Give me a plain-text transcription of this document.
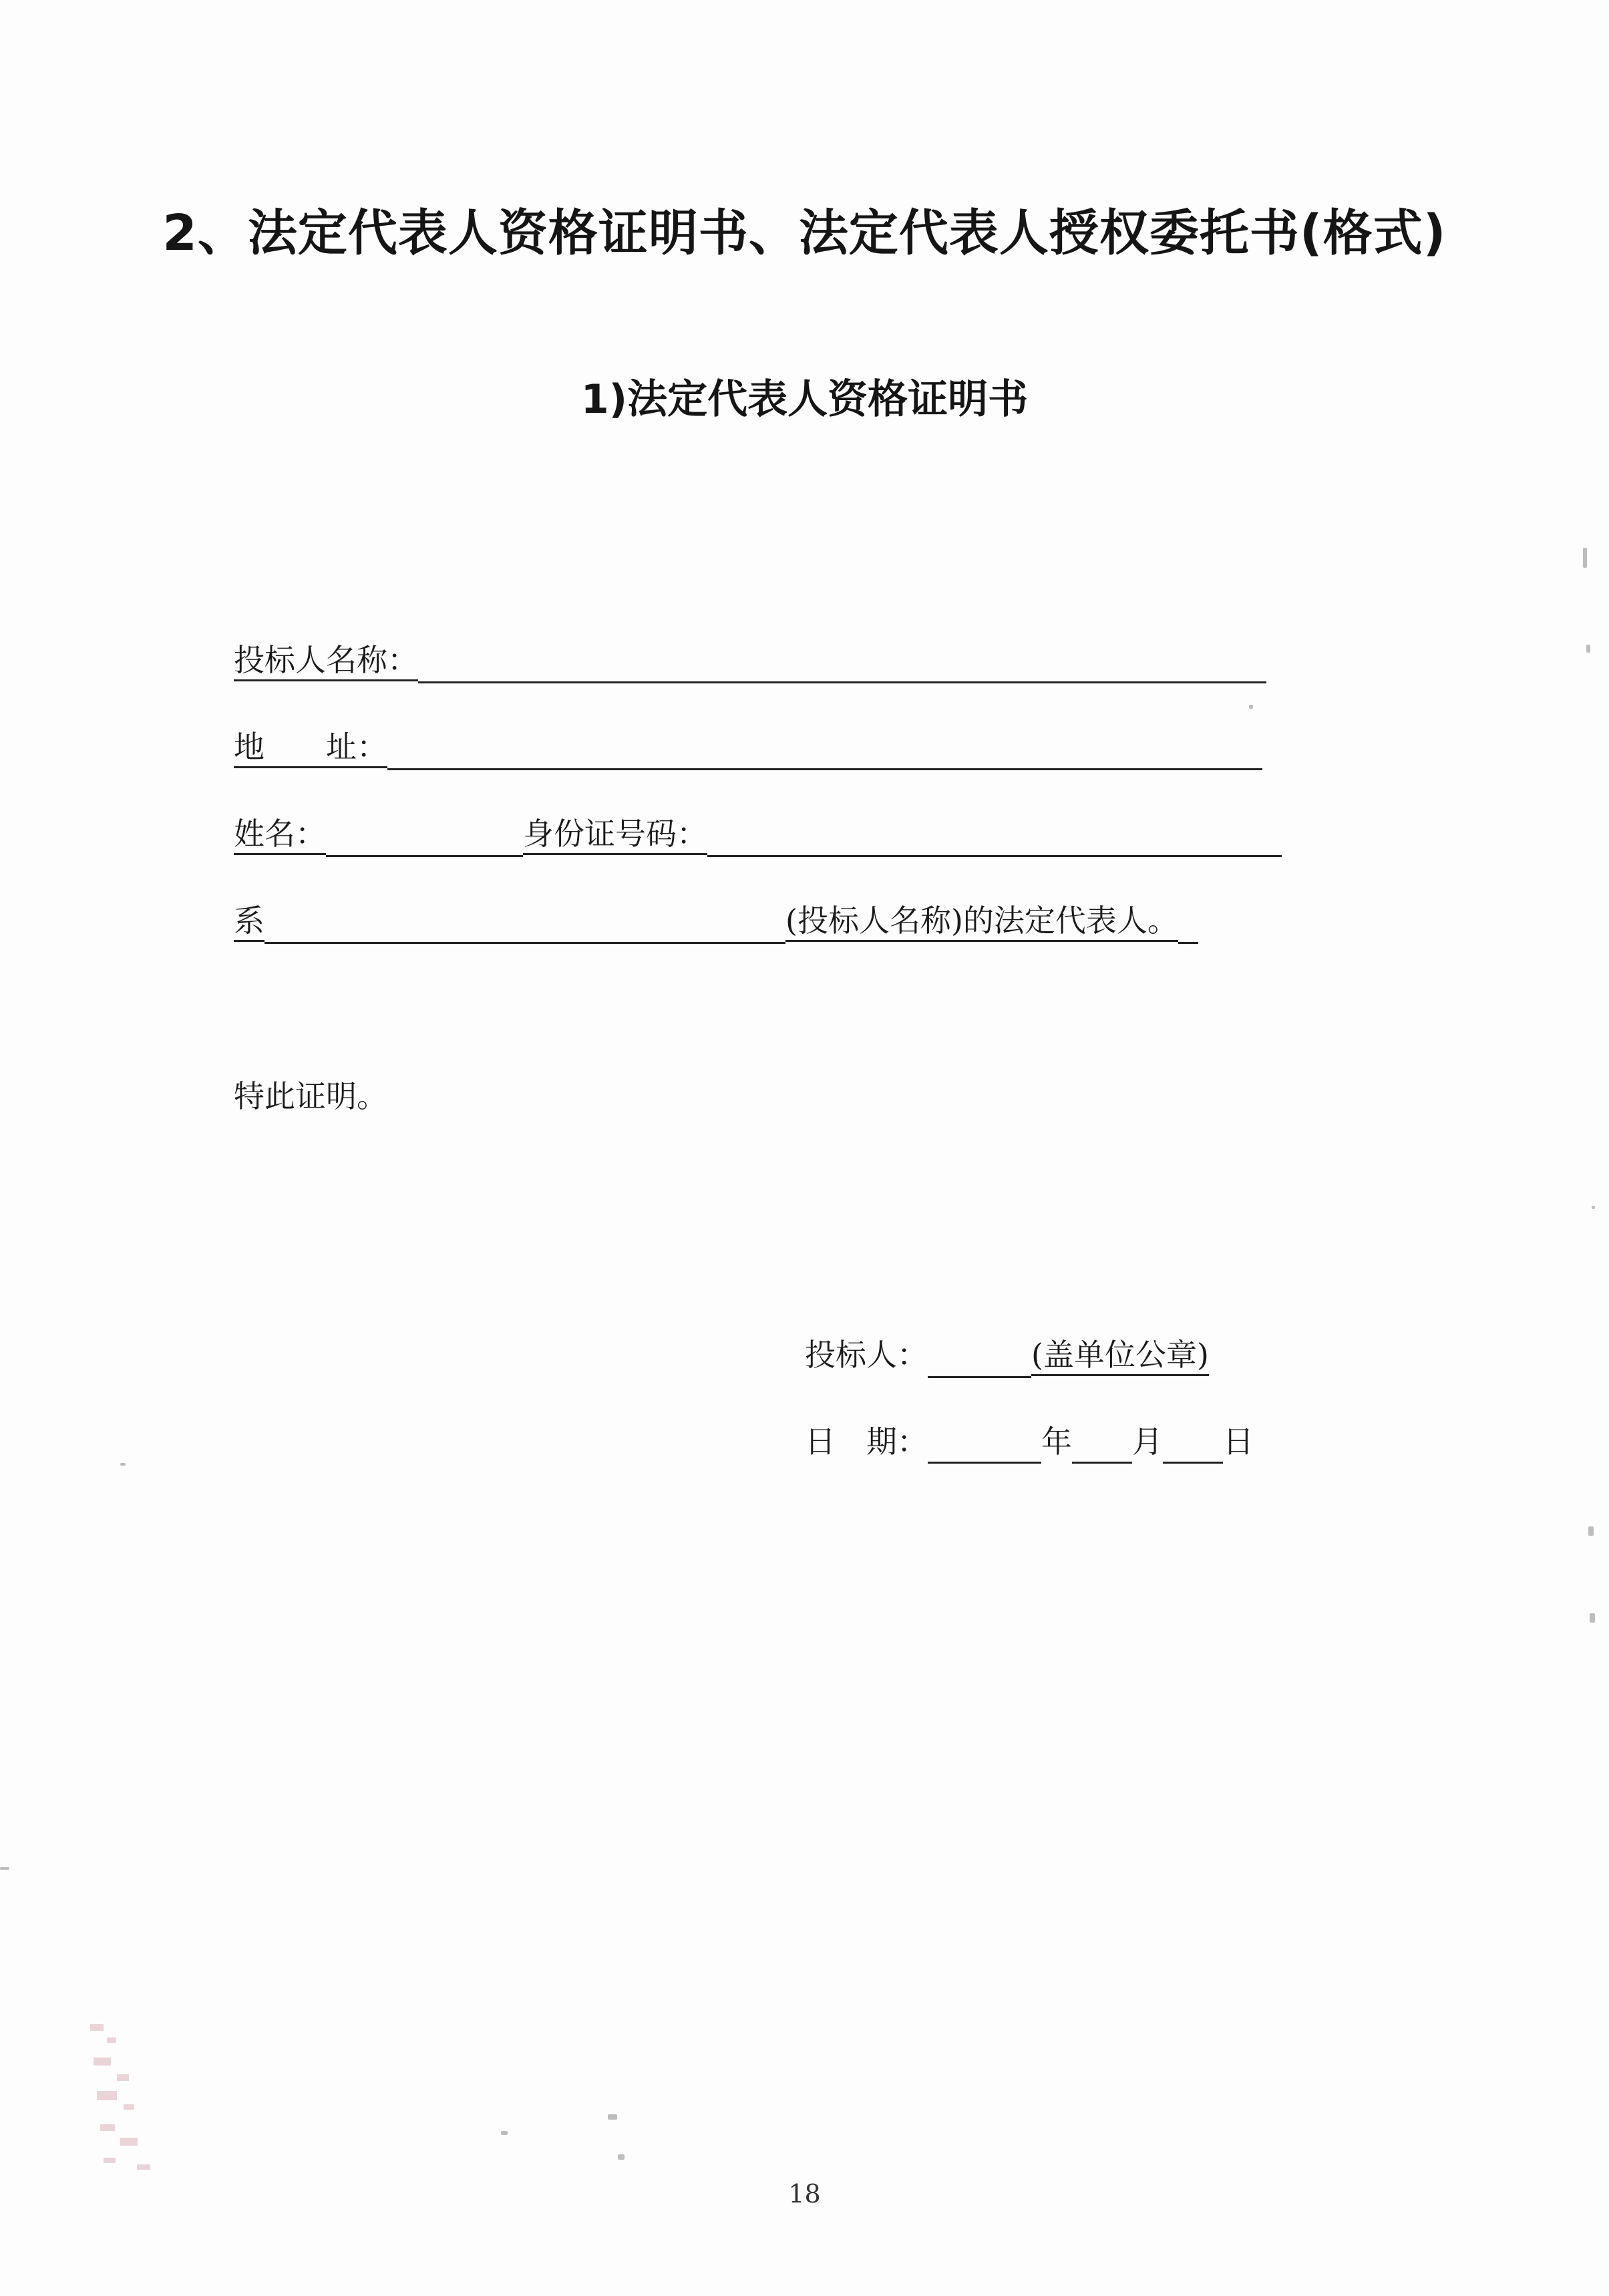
2、法定代表人资格证明书、法定代表人授权委托书(格式)
1)法定代表人资格证明书
投标人名称：
地　　址：
姓名：	身份证号码：
系	(投标人名称)的法定代表人。
特此证明。
投标人：	(盖单位公章)
日　期：	年 月 日
18
